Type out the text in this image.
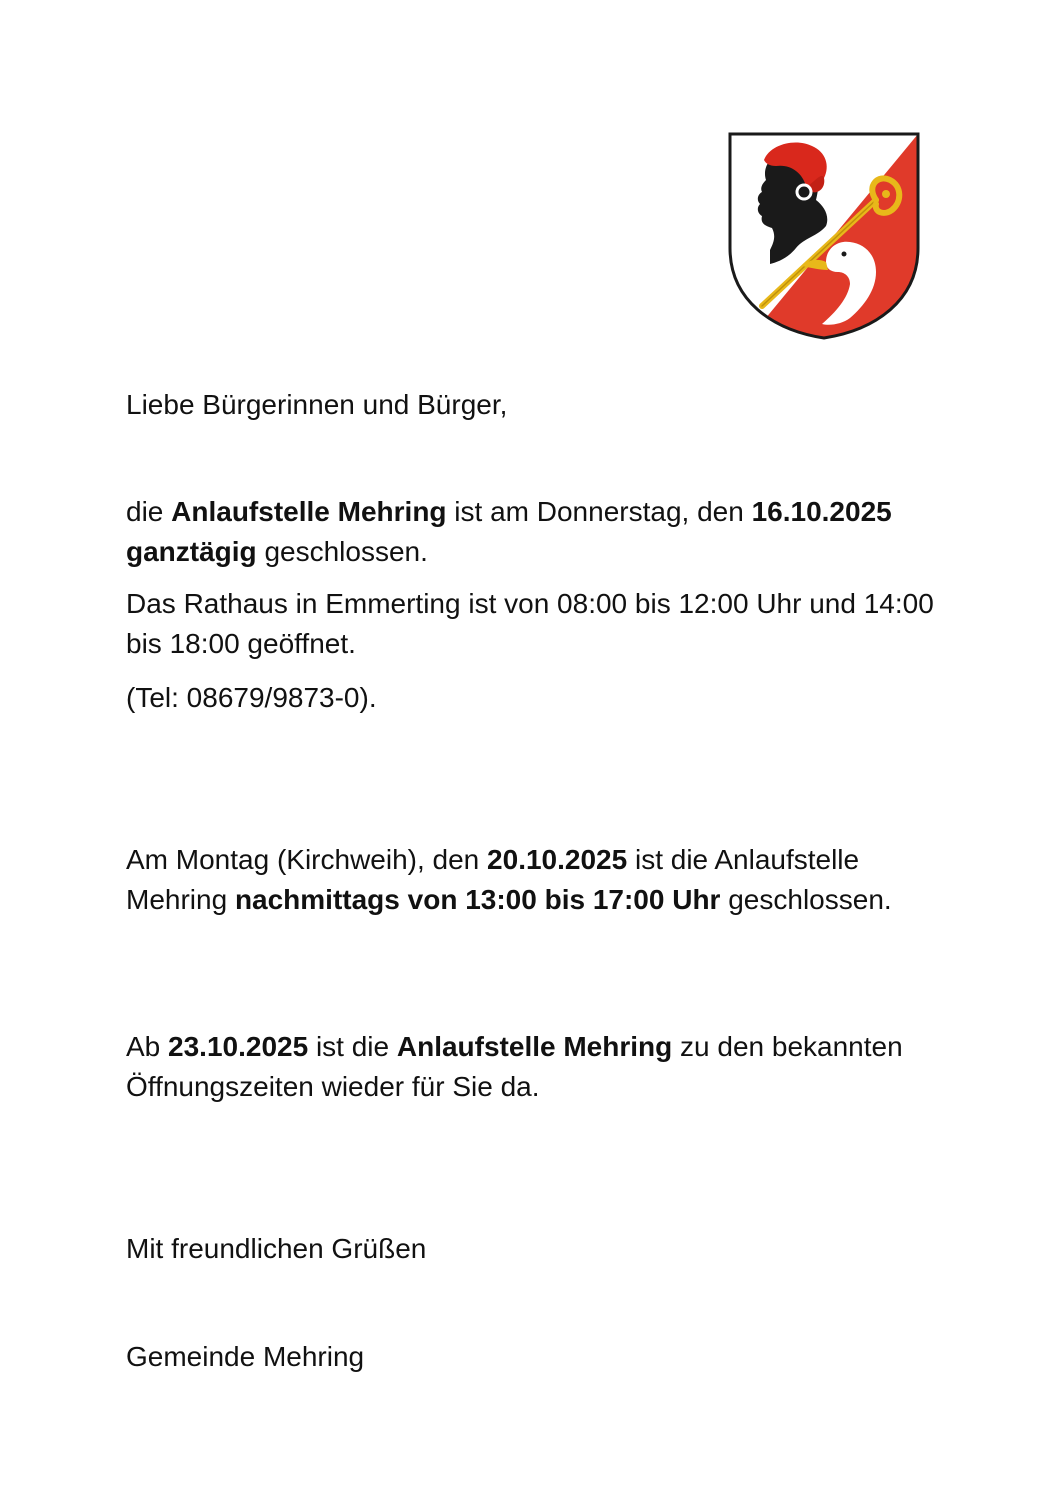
Liebe Bürgerinnen und Bürger,

die Anlaufstelle Mehring ist am Donnerstag, den 16.10.2025 ganztägig geschlossen.

Das Rathaus in Emmerting ist von 08:00 bis 12:00 Uhr und 14:00 bis 18:00 geöffnet.

(Tel: 08679/9873-0).

Am Montag (Kirchweih), den 20.10.2025 ist die Anlaufstelle Mehring nachmittags von 13:00 bis 17:00 Uhr geschlossen.

Ab 23.10.2025 ist die Anlaufstelle Mehring zu den bekannten Öffnungszeiten wieder für Sie da.

Mit freundlichen Grüßen

Gemeinde Mehring
